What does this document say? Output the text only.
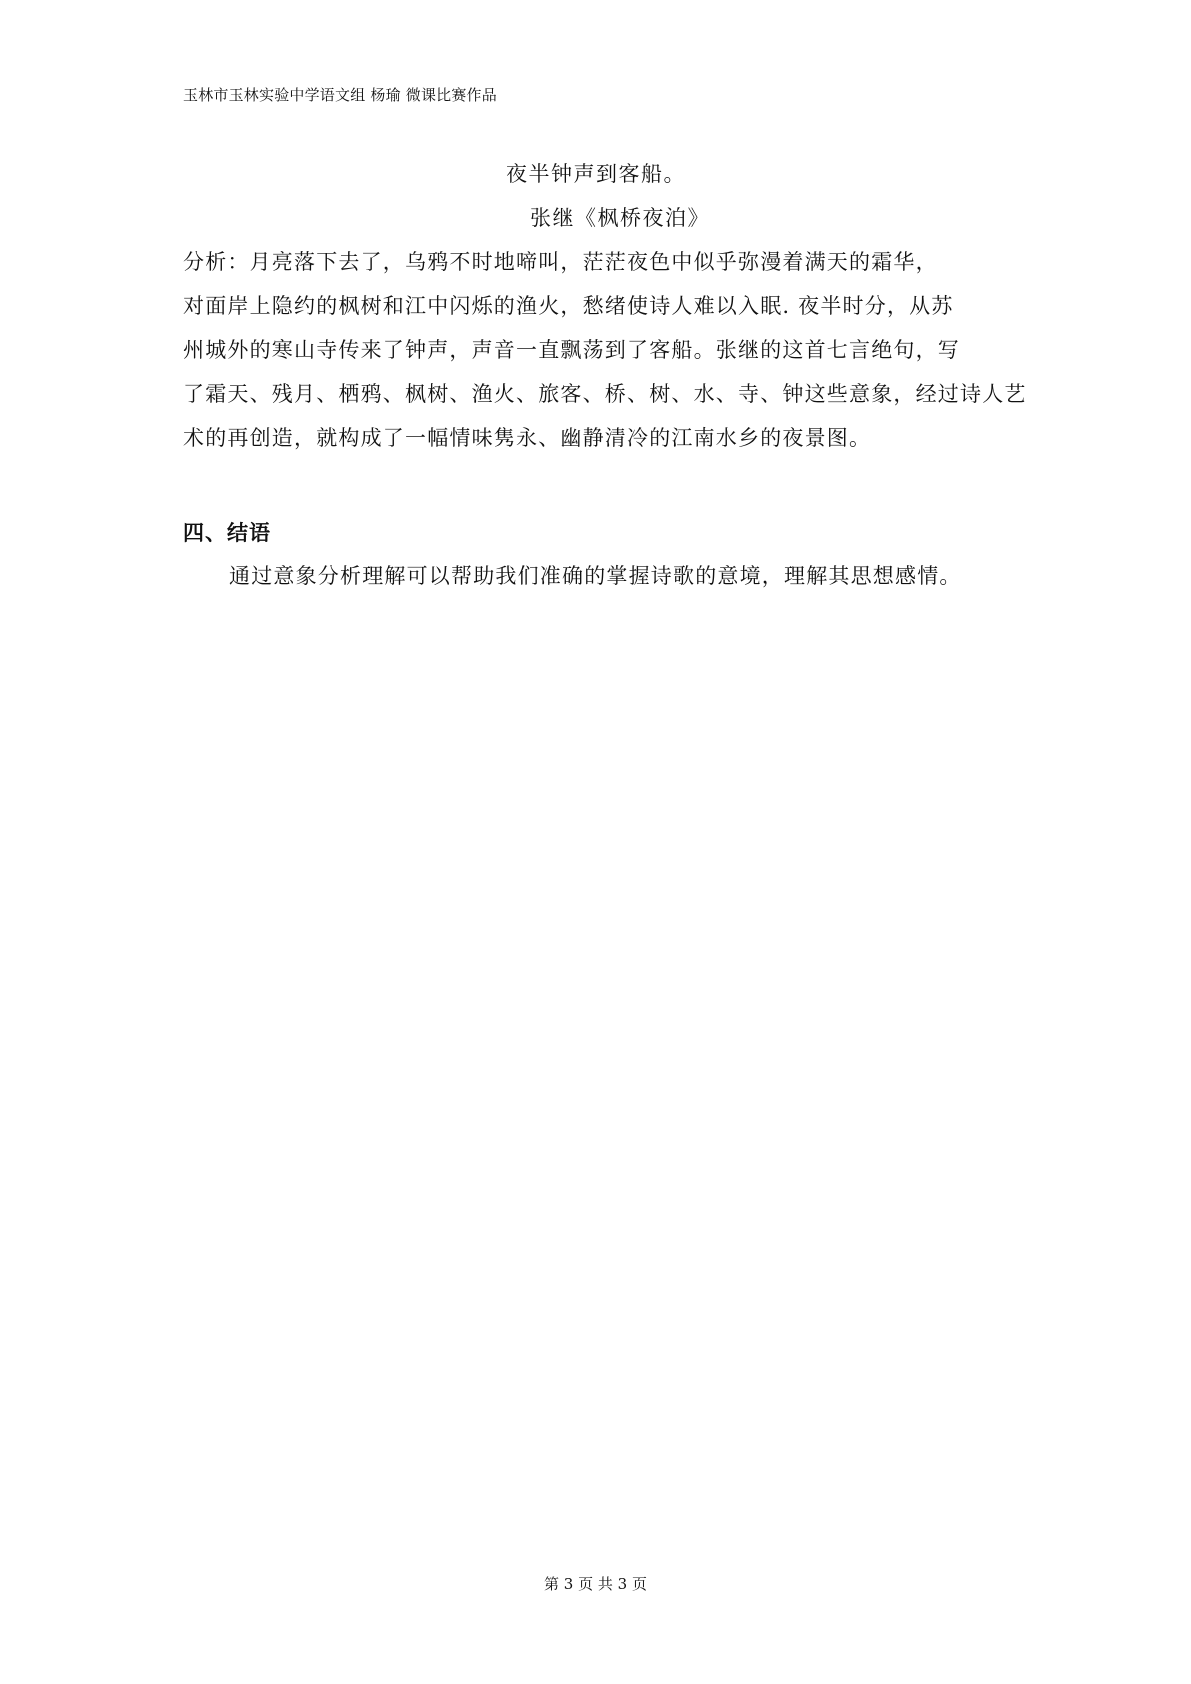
玉林市玉林实验中学语文组 杨瑜 微课比赛作品
夜半钟声到客船。
张继《枫桥夜泊》
分析：月亮落下去了，乌鸦不时地啼叫，茫茫夜色中似乎弥漫着满天的霜华，
对面岸上隐约的枫树和江中闪烁的渔火，愁绪使诗人难以入眠. 夜半时分，从苏
州城外的寒山寺传来了钟声，声音一直飘荡到了客船。张继的这首七言绝句，写
了霜天、残月、栖鸦、枫树、渔火、旅客、桥、树、水、寺、钟这些意象，经过诗人艺
术的再创造，就构成了一幅情味隽永、幽静清冷的江南水乡的夜景图。
四、结语
通过意象分析理解可以帮助我们准确的掌握诗歌的意境，理解其思想感情。
第 3 页 共 3 页
